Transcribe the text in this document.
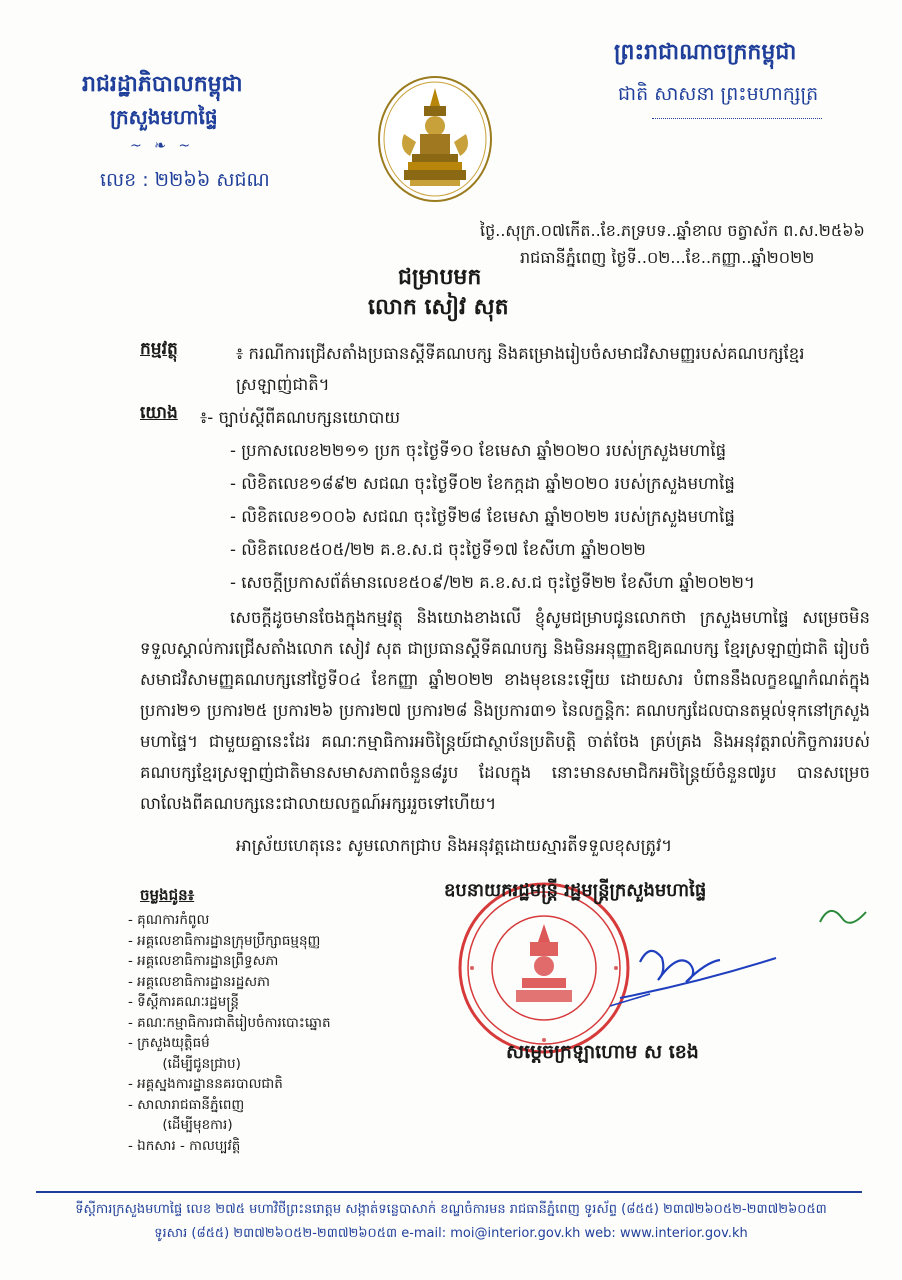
រាជរដ្ឋាភិបាលកម្ពុជា
ក្រសួងមហាផ្ទៃ
~ ❧ ~
លេខ : ២២៦៦ សជណ
ព្រះរាជាណាចក្រកម្ពុជា
ជាតិ សាសនា ព្រះមហាក្សត្រ
ថ្ងៃ..សុក្រ.០៧កើត..ខែ.ភទ្របទ..ឆ្នាំខាល ចត្វាស័ក ព.ស.២៥៦៦
រាជធានីភ្នំពេញ ថ្ងៃទី..០២...ខែ..កញ្ញា..ឆ្នាំ២០២២
ជម្រាបមក
លោក សៀវ សុត
កម្មវត្ថុ	៖ ករណីការជ្រើសតាំងប្រធានស្ដីទីគណបក្ស និងគម្រោងរៀបចំសមាជវិសាមញ្ញរបស់គណបក្សខ្មែរ ស្រឡាញ់ជាតិ។
យោង ៖- ច្បាប់ស្ដីពីគណបក្សនយោបាយ
- ប្រកាសលេខ២២១១ ប្រក ចុះថ្ងៃទី១០ ខែមេសា ឆ្នាំ២០២០ របស់ក្រសួងមហាផ្ទៃ
- លិខិតលេខ១៨៩២ សជណ ចុះថ្ងៃទី០២ ខែកក្កដា ឆ្នាំ២០២០ របស់ក្រសួងមហាផ្ទៃ
- លិខិតលេខ១០០៦ សជណ ចុះថ្ងៃទី២៨ ខែមេសា ឆ្នាំ២០២២ របស់ក្រសួងមហាផ្ទៃ
- លិខិតលេខ៥០៥/២២ គ.ខ.ស.ជ ចុះថ្ងៃទី១៧ ខែសីហា ឆ្នាំ២០២២
- សេចក្ដីប្រកាសព័ត៌មានលេខ៥០៩/២២ គ.ខ.ស.ជ ចុះថ្ងៃទី២២ ខែសីហា ឆ្នាំ២០២២។

សេចក្ដីដូចមានចែងក្នុងកម្មវត្ថុ និងយោងខាងលើ ខ្ញុំសូមជម្រាបជូនលោកថា ក្រសួងមហាផ្ទៃ សម្រេចមិនទទួលស្គាល់ការជ្រើសតាំងលោក សៀវ សុត ជាប្រធានស្ដីទីគណបក្ស និងមិនអនុញ្ញាតឱ្យគណបក្ស ខ្មែរស្រឡាញ់ជាតិ រៀបចំសមាជវិសាមញ្ញគណបក្សនៅថ្ងៃទី០៤ ខែកញ្ញា ឆ្នាំ២០២២ ខាងមុខនេះឡើយ ដោយសារ បំពាននឹងលក្ខខណ្ឌកំណត់ក្នុងប្រការ២១ ប្រការ២៥ ប្រការ២៦ ប្រការ២៧ ប្រការ២៨ និងប្រការ៣១ នៃលក្ខន្តិកៈ គណបក្សដែលបានតម្កល់ទុកនៅក្រសួងមហាផ្ទៃ។ ជាមួយគ្នានេះដែរ គណៈកម្មាធិការអចិន្ត្រៃយ៍ជាស្ថាប័នប្រតិបត្តិ ចាត់ចែង គ្រប់គ្រង និងអនុវត្តរាល់កិច្ចការរបស់គណបក្សខ្មែរស្រឡាញ់ជាតិមានសមាសភាពចំនួន៨រូប ដែលក្នុង នោះមានសមាជិកអចិន្ត្រៃយ៍ចំនួន៧រូប បានសម្រេចលាលែងពីគណបក្សនេះជាលាយលក្ខណ៍អក្សររួចទៅហើយ។

អាស្រ័យហេតុនេះ សូមលោកជ្រាប និងអនុវត្តដោយស្មារតីទទួលខុសត្រូវ។
ចម្លងជូន៖
- គុណការកំពូល
- អគ្គលេខាធិការដ្ឋានក្រុមប្រឹក្សាធម្មនុញ្ញ
- អគ្គលេខាធិការដ្ឋានព្រឹទ្ធសភា
- អគ្គលេខាធិការដ្ឋានរដ្ឋសភា
- ទីស្ដីការគណៈរដ្ឋមន្ត្រី
- គណៈកម្មាធិការជាតិរៀបចំការបោះឆ្នោត
- ក្រសួងយុត្តិធម៌
(ដើម្បីជូនជ្រាប)
- អគ្គស្នងការដ្ឋាននគរបាលជាតិ
- សាលារាជធានីភ្នំពេញ
(ដើម្បីមុខការ)
- ឯកសារ - កាលប្បវត្តិ
ឧបនាយករដ្ឋមន្ត្រី រដ្ឋមន្ត្រីក្រសួងមហាផ្ទៃ
សម្ដេចក្រឡាហោម ស ខេង
ទីស្ដីការក្រសួងមហាផ្ទៃ លេខ ២៧៥ មហាវិថីព្រះនរោត្តម សង្កាត់ទន្លេបាសាក់ ខណ្ឌចំការមន រាជធានីភ្នំពេញ ទូរស័ព្ទ (៨៥៥) ២៣៧២៦០៥២-២៣៧២៦០៥៣
ទូរសារ (៨៥៥) ២៣៧២៦០៥២-២៣៧២៦០៥៣ e-mail: moi@interior.gov.kh web: www.interior.gov.kh
